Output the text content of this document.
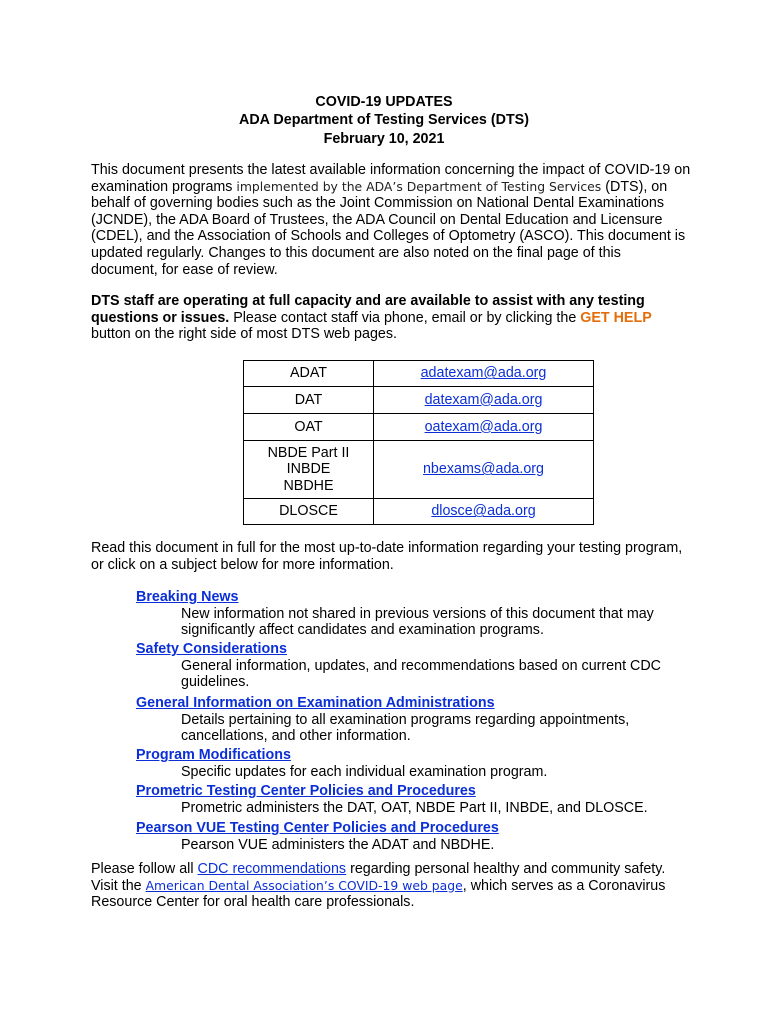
COVID-19 UPDATES
ADA Department of Testing Services (DTS)
February 10, 2021
This document presents the latest available information concerning the impact of COVID-19 on examination programs implemented by the ADA’s Department of Testing Services (DTS), on behalf of governing bodies such as the Joint Commission on National Dental Examinations (JCNDE), the ADA Board of Trustees, the ADA Council on Dental Education and Licensure (CDEL), and the Association of Schools and Colleges of Optometry (ASCO). This document is updated regularly. Changes to this document are also noted on the final page of this document, for ease of review.
DTS staff are operating at full capacity and are available to assist with any testing questions or issues. Please contact staff via phone, email or by clicking the GET HELP button on the right side of most DTS web pages.
ADAT	adatexam@ada.org
DAT	datexam@ada.org
OAT	oatexam@ada.org

NBDE Part II
INBDE
NBDHE	nbexams@ada.org
DLOSCE	dlosce@ada.org
Read this document in full for the most up-to-date information regarding your testing program, or click on a subject below for more information.
Breaking News
New information not shared in previous versions of this document that may significantly affect candidates and examination programs.
Safety Considerations
General information, updates, and recommendations based on current CDC guidelines.
General Information on Examination Administrations
Details pertaining to all examination programs regarding appointments, cancellations, and other information.
Program Modifications
Specific updates for each individual examination program.
Prometric Testing Center Policies and Procedures
Prometric administers the DAT, OAT, NBDE Part II, INBDE, and DLOSCE.
Pearson VUE Testing Center Policies and Procedures
Pearson VUE administers the ADAT and NBDHE.
Please follow all CDC recommendations regarding personal healthy and community safety. Visit the American Dental Association’s COVID-19 web page, which serves as a Coronavirus Resource Center for oral health care professionals.
